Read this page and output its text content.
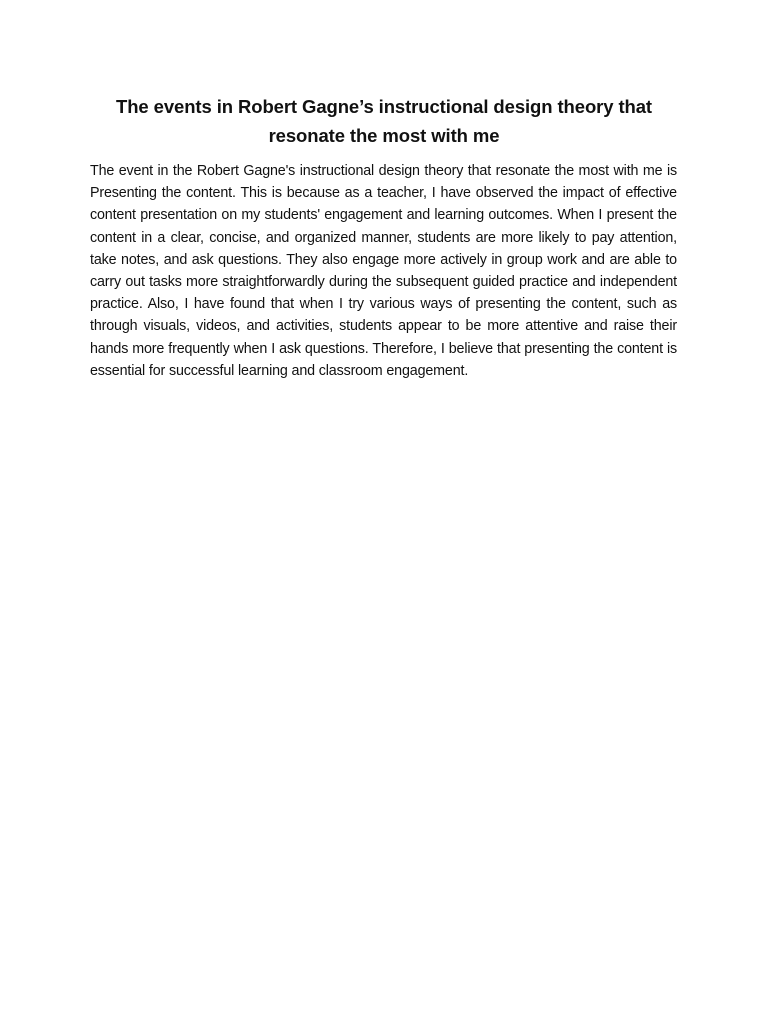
The events in Robert Gagne’s instructional design theory that resonate the most with me

The event in the Robert Gagne's instructional design theory that resonate the most with me is Presenting the content. This is because as a teacher, I have observed the impact of effective content presentation on my students' engagement and learning outcomes. When I present the content in a clear, concise, and organized manner, students are more likely to pay attention, take notes, and ask questions. They also engage more actively in group work and are able to carry out tasks more straightforwardly during the subsequent guided practice and independent practice. Also, I have found that when I try various ways of presenting the content, such as through visuals, videos, and activities, students appear to be more attentive and raise their hands more frequently when I ask questions. Therefore, I believe that presenting the content is essential for successful learning and classroom engagement.
